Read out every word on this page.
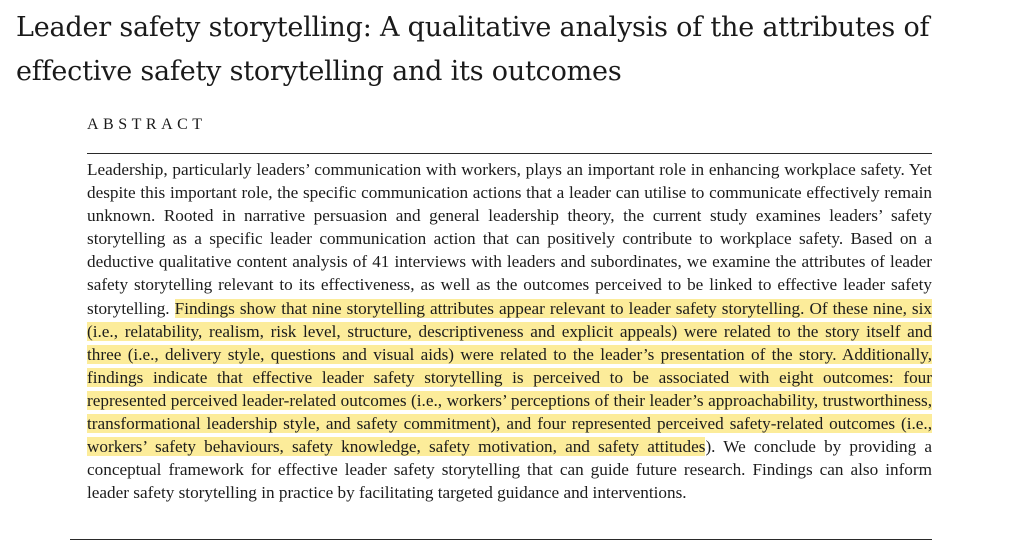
Leader safety storytelling: A qualitative analysis of the attributes of effective safety storytelling and its outcomes
ABSTRACT

Leadership, particularly leaders’ communication with workers, plays an important role in enhancing workplace safety. Yet despite this important role, the specific communication actions that a leader can utilise to communicate effectively remain unknown. Rooted in narrative persuasion and general leadership theory, the current study examines leaders’ safety storytelling as a specific leader communication action that can positively contribute to workplace safety. Based on a deductive qualitative content analysis of 41 interviews with leaders and subordinates, we examine the attributes of leader safety storytelling relevant to its effectiveness, as well as the outcomes perceived to be linked to effective leader safety storytelling. Findings show that nine storytelling attributes appear relevant to leader safety storytelling. Of these nine, six (i.e., relatability, realism, risk level, structure, descriptiveness and explicit appeals) were related to the story itself and three (i.e., delivery style, questions and visual aids) were related to the leader’s presentation of the story. Additionally, findings indicate that effective leader safety storytelling is perceived to be associated with eight outcomes: four represented perceived leader-related outcomes (i.e., workers’ perceptions of their leader’s approachability, trustworthiness, transformational leadership style, and safety commitment), and four represented perceived safety-related outcomes (i.e., workers’ safety behaviours, safety knowledge, safety motivation, and safety attitudes). We conclude by providing a conceptual framework for effective leader safety storytelling that can guide future research. Findings can also inform leader safety storytelling in practice by facilitating targeted guidance and interventions.
